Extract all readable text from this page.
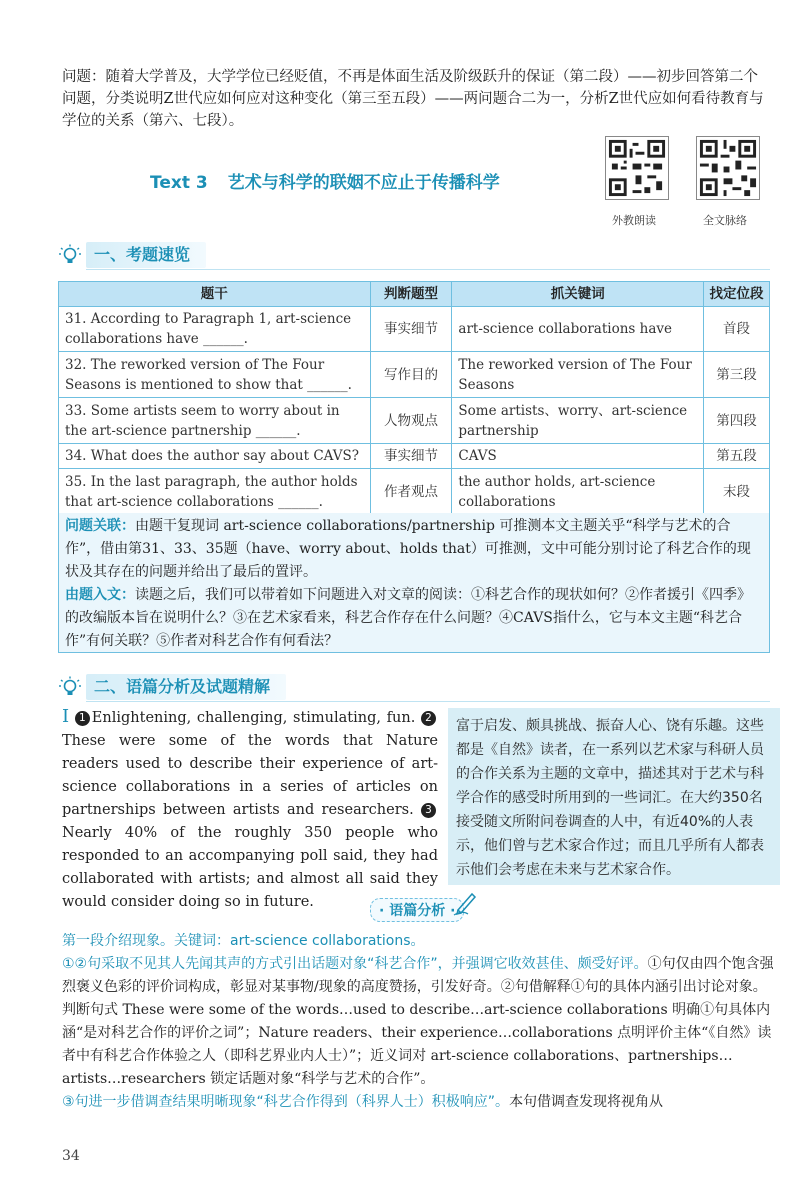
问题：随着大学普及，大学学位已经贬值，不再是体面生活及阶级跃升的保证（第二段）——初步回答第二个问题，分类说明Z世代应如何应对这种变化（第三至五段）——两问题合二为一，分析Z世代应如何看待教育与学位的关系（第六、七段）。
Text 3 艺术与科学的联姻不应止于传播科学
外教朗读	全文脉络
一、考题速览
题干	判断题型	抓关键词	找定位段
31. According to Paragraph 1, art-science collaborations have ______.	事实细节	art-science collaborations have	首段
32. The reworked version of The Four Seasons is mentioned to show that ______.	写作目的	The reworked version of The Four Seasons	第三段
33. Some artists seem to worry about in the art-science partnership ______.	人物观点	Some artists、worry、art-science partnership	第四段
34. What does the author say about CAVS?	事实细节	CAVS	第五段
35. In the last paragraph, the author holds that art-science collaborations ______.	作者观点	the author holds, art-science collaborations	末段
问题关联：由题干复现词 art-science collaborations/partnership 可推测本文主题关乎“科学与艺术的合作”，借由第31、33、35题（have、worry about、holds that）可推测，文中可能分别讨论了科艺合作的现状及其存在的问题并给出了最后的置评。
由题入文：读题之后，我们可以带着如下问题进入对文章的阅读：①科艺合作的现状如何？②作者援引《四季》的改编版本旨在说明什么？③在艺术家看来，科艺合作存在什么问题？④CAVS指什么，它与本文主题“科艺合作”有何关联？⑤作者对科艺合作有何看法？
二、语篇分析及试题精解
I 1 Enlightening, challenging, stimulating, fun. 2These were some of the words that Nature readers used to describe their experience of art-science collaborations in a series of articles on partnerships between artists and researchers. 3Nearly 40% of the roughly 350 people who responded to an accompanying poll said, they had collaborated with artists; and almost all said they would consider doing so in future.
富于启发、颇具挑战、振奋人心、饶有乐趣。这些都是《自然》读者，在一系列以艺术家与科研人员的合作关系为主题的文章中，描述其对于艺术与科学合作的感受时所用到的一些词汇。在大约350名接受随文所附问卷调查的人中，有近40%的人表示，他们曾与艺术家合作过；而且几乎所有人都表示他们会考虑在未来与艺术家合作。
· 语篇分析 ·
第一段介绍现象。关键词：art-science collaborations。
①②句采取不见其人先闻其声的方式引出话题对象“科艺合作”，并强调它收效甚佳、颇受好评。①句仅由四个饱含强烈褒义色彩的评价词构成，彰显对某事物/现象的高度赞扬，引发好奇。②句借解释①句的具体内涵引出讨论对象。判断句式 These were some of the words…used to describe…art-science collaborations 明确①句具体内涵“是对科艺合作的评价之词”；Nature readers、their experience…collaborations 点明评价主体“《自然》读者中有科艺合作体验之人（即科艺界业内人士）”；近义词对 art-science collaborations、partnerships…artists…researchers 锁定话题对象“科学与艺术的合作”。
③句进一步借调查结果明晰现象“科艺合作得到（科界人士）积极响应”。本句借调查发现将视角从
34
